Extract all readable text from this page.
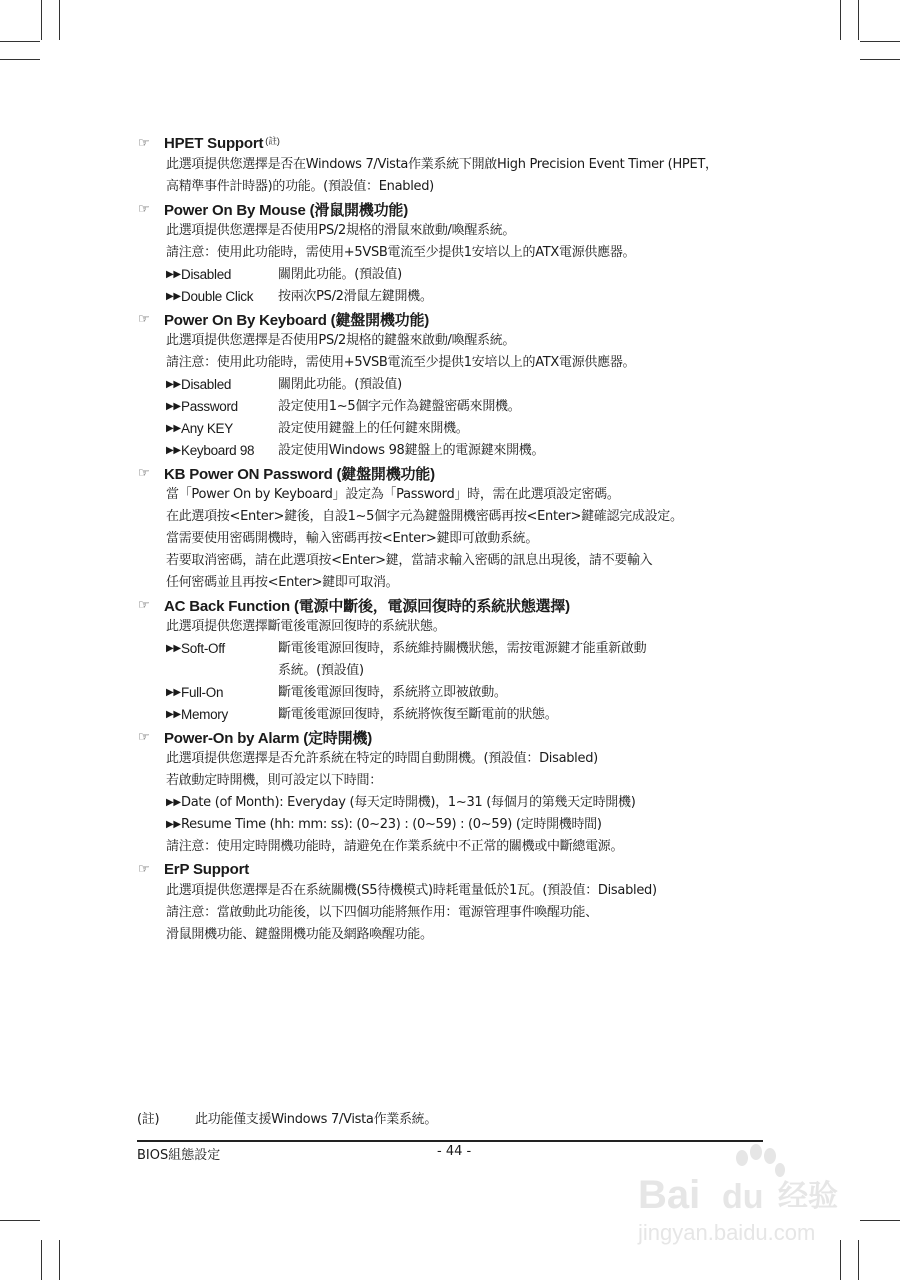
☞ HPET Support$^{(註)}$
此選項提供您選擇是否在Windows 7/Vista作業系統下開啟High Precision Event Timer (HPET，
高精準事件計時器)的功能。(預設值：Enabled)
☞ Power On By Mouse (滑鼠開機功能)
此選項提供您選擇是否使用PS/2規格的滑鼠來啟動/喚醒系統。
請注意：使用此功能時，需使用+5VSB電流至少提供1安培以上的ATX電源供應器。
▶▶ Disabled	關閉此功能。(預設值)
▶▶ Double Click	按兩次PS/2滑鼠左鍵開機。
☞ Power On By Keyboard (鍵盤開機功能)
此選項提供您選擇是否使用PS/2規格的鍵盤來啟動/喚醒系統。
請注意：使用此功能時，需使用+5VSB電流至少提供1安培以上的ATX電源供應器。
▶▶ Disabled	關閉此功能。(預設值)
▶▶ Password	設定使用1~5個字元作為鍵盤密碼來開機。
▶▶ Any KEY	設定使用鍵盤上的任何鍵來開機。
▶▶ Keyboard 98	設定使用Windows 98鍵盤上的電源鍵來開機。
☞ KB Power ON Password (鍵盤開機功能)
當「Power On by Keyboard」設定為「Password」時，需在此選項設定密碼。
在此選項按<Enter>鍵後，自設1~5個字元為鍵盤開機密碼再按<Enter>鍵確認完成設定。
當需要使用密碼開機時，輸入密碼再按<Enter>鍵即可啟動系統。
若要取消密碼，請在此選項按<Enter>鍵，當請求輸入密碼的訊息出現後，請不要輸入
任何密碼並且再按<Enter>鍵即可取消。
☞ AC Back Function (電源中斷後，電源回復時的系統狀態選擇)
此選項提供您選擇斷電後電源回復時的系統狀態。
▶▶ Soft-Off	斷電後電源回復時，系統維持關機狀態，需按電源鍵才能重新啟動
系統。(預設值)
▶▶ Full-On	斷電後電源回復時，系統將立即被啟動。
▶▶ Memory	斷電後電源回復時，系統將恢復至斷電前的狀態。
☞ Power-On by Alarm (定時開機)
此選項提供您選擇是否允許系統在特定的時間自動開機。(預設值：Disabled)
若啟動定時開機，則可設定以下時間：
▶▶ Date (of Month): Everyday (每天定時開機)，1~31 (每個月的第幾天定時開機)
▶▶ Resume Time (hh: mm: ss): (0~23) : (0~59) : (0~59) (定時開機時間)
請注意：使用定時開機功能時，請避免在作業系統中不正常的關機或中斷總電源。
☞ ErP Support
此選項提供您選擇是否在系統關機(S5待機模式)時耗電量低於1瓦。(預設值：Disabled)
請注意：當啟動此功能後，以下四個功能將無作用：電源管理事件喚醒功能、
滑鼠開機功能、鍵盤開機功能及網路喚醒功能。
(註)	此功能僅支援Windows 7/Vista作業系統。
BIOS組態設定	- 44 -
Bai du 经验
jingyan.baidu.com
